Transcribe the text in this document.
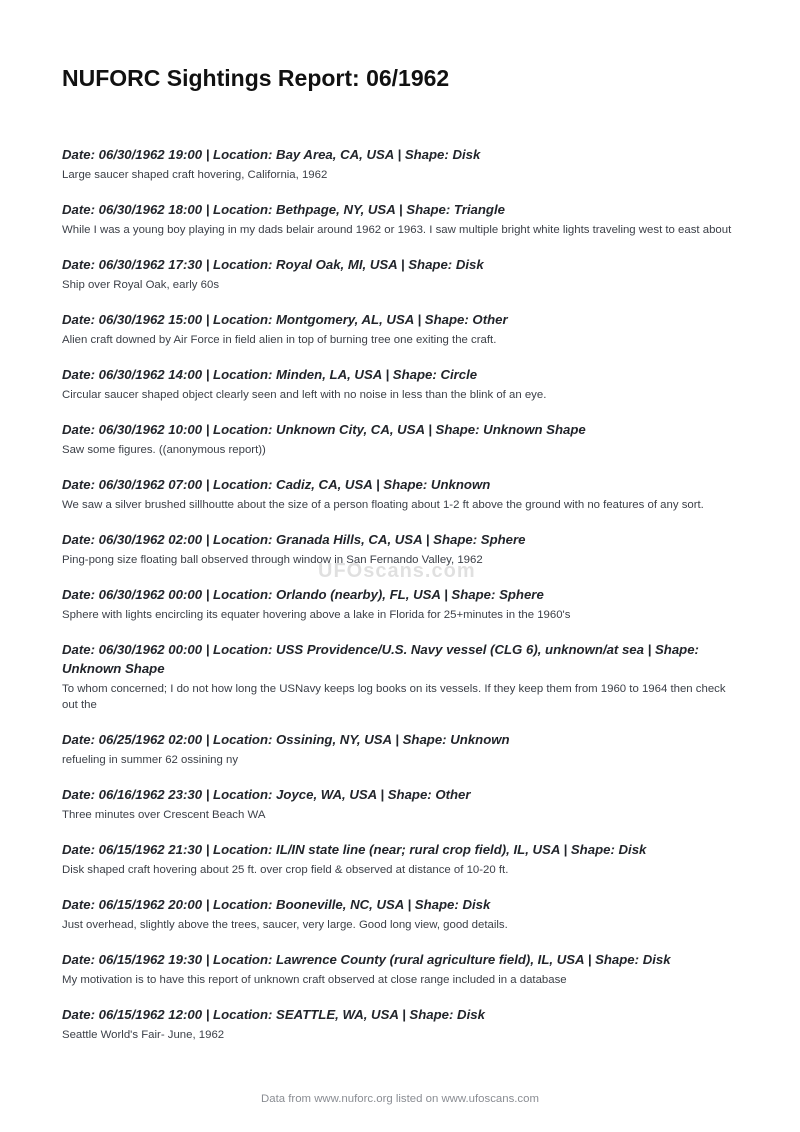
NUFORC Sightings Report: 06/1962
Date: 06/30/1962 19:00 | Location: Bay Area, CA, USA | Shape: Disk
Large saucer shaped craft hovering, California, 1962
Date: 06/30/1962 18:00 | Location: Bethpage, NY, USA | Shape: Triangle
While I was a young boy playing in my dads belair around 1962 or 1963. I saw multiple bright white lights traveling west to east about
Date: 06/30/1962 17:30 | Location: Royal Oak, MI, USA | Shape: Disk
Ship over Royal Oak, early 60s
Date: 06/30/1962 15:00 | Location: Montgomery, AL, USA | Shape: Other
Alien craft downed by Air Force in field alien in top of burning tree one exiting the craft.
Date: 06/30/1962 14:00 | Location: Minden, LA, USA | Shape: Circle
Circular saucer shaped object clearly seen and left with no noise in less than the blink of an eye.
Date: 06/30/1962 10:00 | Location: Unknown City, CA, USA | Shape: Unknown Shape
Saw some figures. ((anonymous report))
Date: 06/30/1962 07:00 | Location: Cadiz, CA, USA | Shape: Unknown
We saw a silver brushed sillhoutte about the size of a person floating about 1-2 ft above the ground with no features of any sort.
Date: 06/30/1962 02:00 | Location: Granada Hills, CA, USA | Shape: Sphere
Ping-pong size floating ball observed through window in San Fernando Valley, 1962
Date: 06/30/1962 00:00 | Location: Orlando (nearby), FL, USA | Shape: Sphere
Sphere with lights encircling its equater hovering above a lake in Florida for 25+minutes in the 1960's
Date: 06/30/1962 00:00 | Location: USS Providence/U.S. Navy vessel (CLG 6), unknown/at sea | Shape: Unknown Shape
To whom concerned; I do not how long the USNavy keeps log books on its vessels. If they keep them from 1960 to 1964 then check out the
Date: 06/25/1962 02:00 | Location: Ossining, NY, USA | Shape: Unknown
refueling in summer 62 ossining ny
Date: 06/16/1962 23:30 | Location: Joyce, WA, USA | Shape: Other
Three minutes over Crescent Beach WA
Date: 06/15/1962 21:30 | Location: IL/IN state line (near; rural crop field), IL, USA | Shape: Disk
Disk shaped craft hovering about 25 ft. over crop field & observed at distance of 10-20 ft.
Date: 06/15/1962 20:00 | Location: Booneville, NC, USA | Shape: Disk
Just overhead, slightly above the trees, saucer, very large. Good long view, good details.
Date: 06/15/1962 19:30 | Location: Lawrence County (rural agriculture field), IL, USA | Shape: Disk
My motivation is to have this report of unknown craft observed at close range included in a database
Date: 06/15/1962 12:00 | Location: SEATTLE, WA, USA | Shape: Disk
Seattle World's Fair- June, 1962
UFOscans.com
Data from www.nuforc.org listed on www.ufoscans.com
